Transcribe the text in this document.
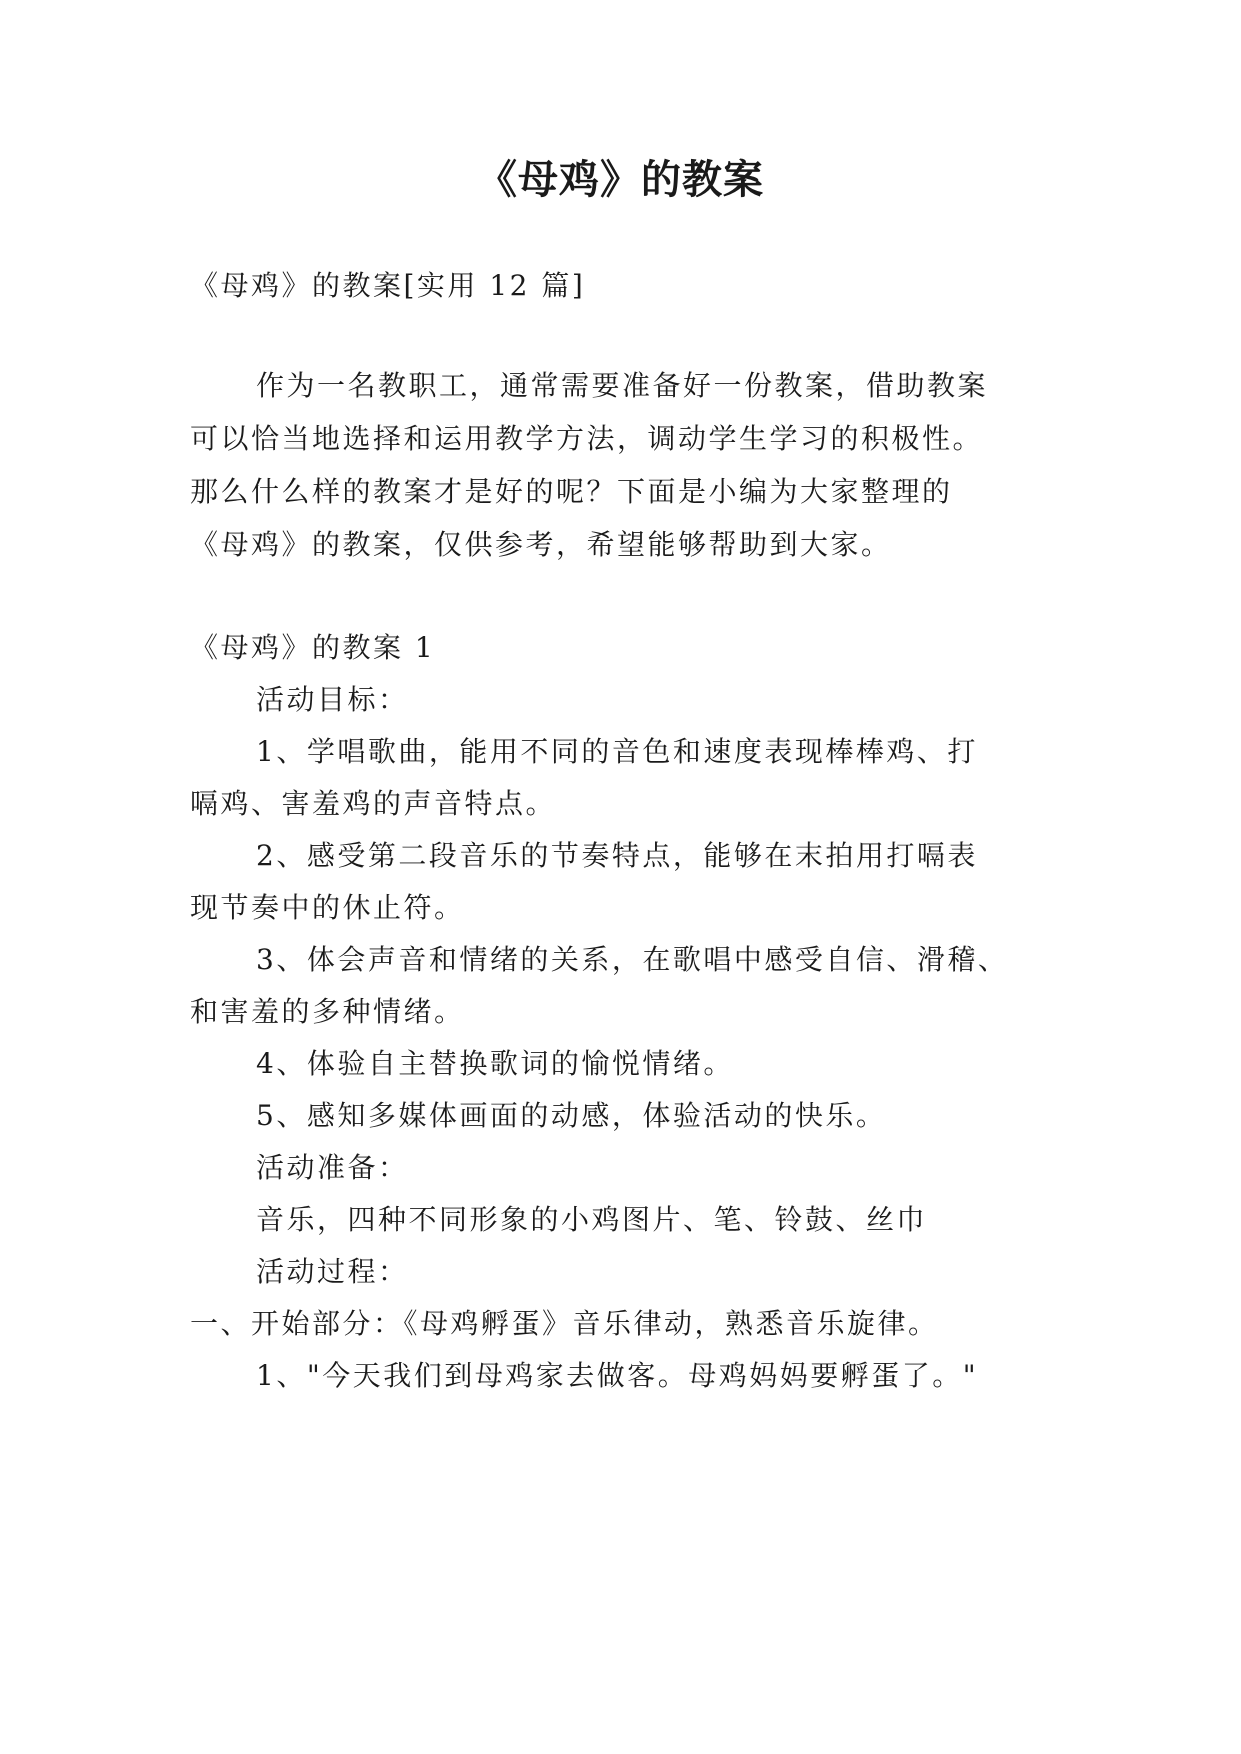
《母鸡》的教案
《母鸡》的教案[实用 12 篇]
作为一名教职工，通常需要准备好一份教案，借助教案
可以恰当地选择和运用教学方法，调动学生学习的积极性。
那么什么样的教案才是好的呢？下面是小编为大家整理的
《母鸡》的教案，仅供参考，希望能够帮助到大家。
《母鸡》的教案 1
活动目标：
1、学唱歌曲，能用不同的音色和速度表现棒棒鸡、打
嗝鸡、害羞鸡的声音特点。
2、感受第二段音乐的节奏特点，能够在末拍用打嗝表
现节奏中的休止符。
3、体会声音和情绪的关系，在歌唱中感受自信、滑稽、
和害羞的多种情绪。
4、体验自主替换歌词的愉悦情绪。
5、感知多媒体画面的动感，体验活动的快乐。
活动准备：
音乐，四种不同形象的小鸡图片、笔、铃鼓、丝巾
活动过程：
一、开始部分：《母鸡孵蛋》音乐律动，熟悉音乐旋律。
1、"今天我们到母鸡家去做客。母鸡妈妈要孵蛋了。"
